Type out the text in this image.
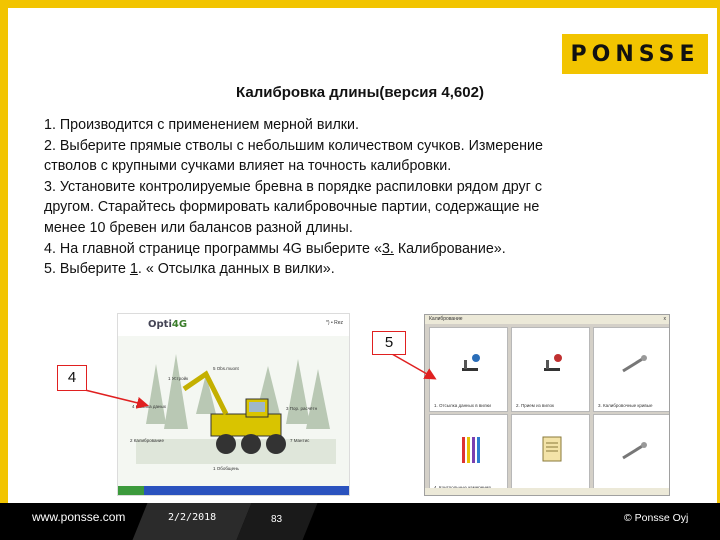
PONSSE
Калибровка длины(версия 4,602)

1. Производится с применением мерной вилки.

2. Выберите прямые стволы с небольшим количеством сучков. Измерение

стволов с крупными сучками влияет на точность калибровки.

3. Установите контролируемые бревна в порядке распиловки рядом друг с

другом. Старайтесь формировать калибровочные партии, содержащие не

менее 10 бревен или балансов разной длины.

4. На главной странице программы 4G выберите «3. Калибрование».

5. Выберите 1. « Отсылка данных в вилки».

Opti4G	*) • Rez
5 Obs.muont
1 Устройк
4 Ссылка даных	3 Пор. расчётн
2 Калибрование	7 Мантис
1 Обобщень
Калибрование	x
1. Отсылка данных в вилки	2. Прием из вилок	3. Калибровочные кривые
4
5
www.ponsse.com	2/2/2018	83	© Ponsse Oyj
